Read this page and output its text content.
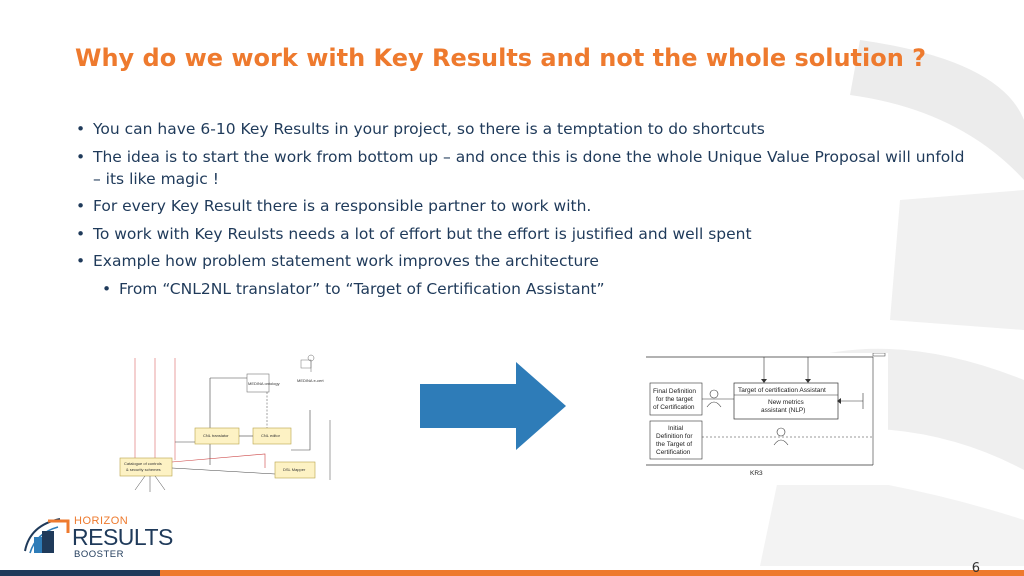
Why do we work with Key Results and not the whole solution ?
• You can have 6-10 Key Results in your project, so there is a temptation to do shortcuts
• The idea is to start the work from bottom up – and once this is done the whole Unique Value Proposal will unfold – its like magic !
• For every Key Result there is a responsible partner to work with.
• To work with Key Reulsts needs a lot of effort but the effort is justified and well spent
• Example how problem statement work improves the architecture
• From “CNL2NL translator” to “Target of Certification Assistant”
MEDINA ontology
MEDINA e-cert
CNL translator	CNL editor
Catalogue of controls
& security schemes	DSL Mapper
Final Definition
for the target
of Certification
Target of certification Assistant
New metrics
assistant (NLP)
Initial
Definition for
the Target of
Certification
KR3
HORIZON
RESULTS
BOOSTER
6
